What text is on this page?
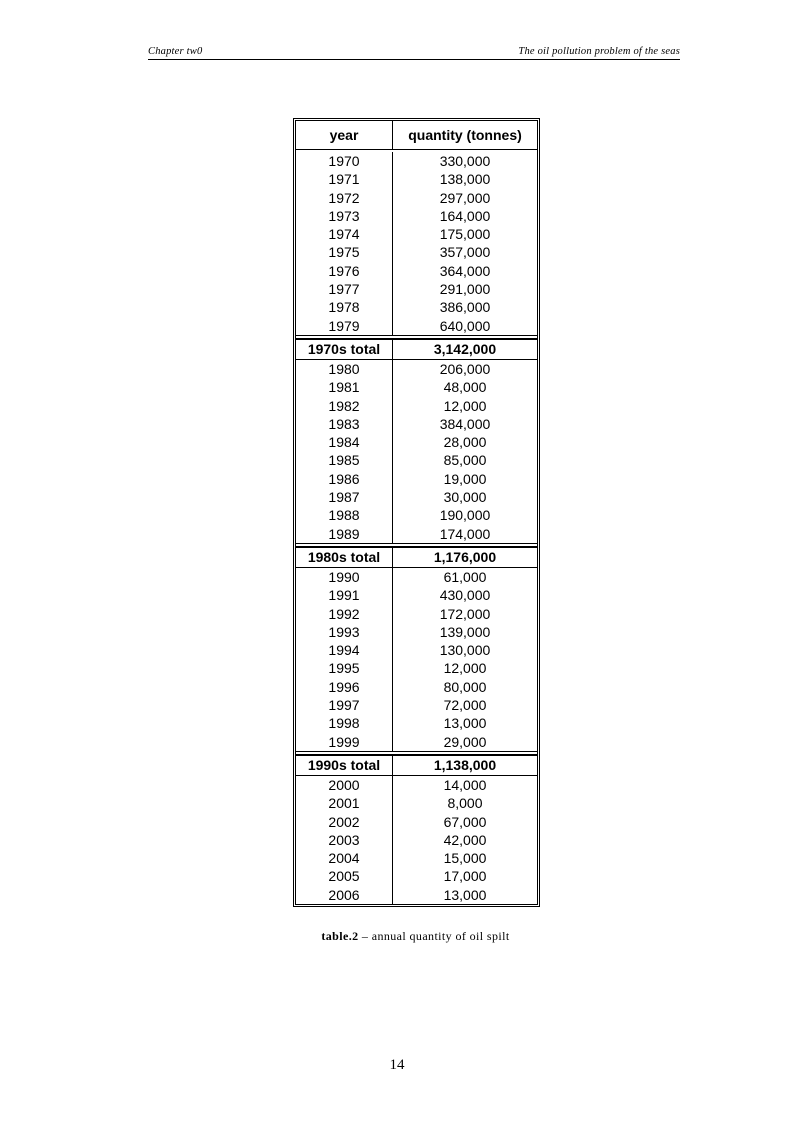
Chapter tw0	The oil pollution problem of the seas
year	quantity (tonnes)
1970	330,000
1971	138,000
1972	297,000
1973	164,000
1974	175,000
1975	357,000
1976	364,000
1977	291,000
1978	386,000
1979	640,000
1970s total	3,142,000
1980	206,000
1981	48,000
1982	12,000
1983	384,000
1984	28,000
1985	85,000
1986	19,000
1987	30,000
1988	190,000
1989	174,000
1980s total	1,176,000
1990	61,000
1991	430,000
1992	172,000
1993	139,000
1994	130,000
1995	12,000
1996	80,000
1997	72,000
1998	13,000
1999	29,000
1990s total	1,138,000
2000	14,000
2001	8,000
2002	67,000
2003	42,000
2004	15,000
2005	17,000
2006	13,000
table.2 – annual quantity of oil spilt
14
